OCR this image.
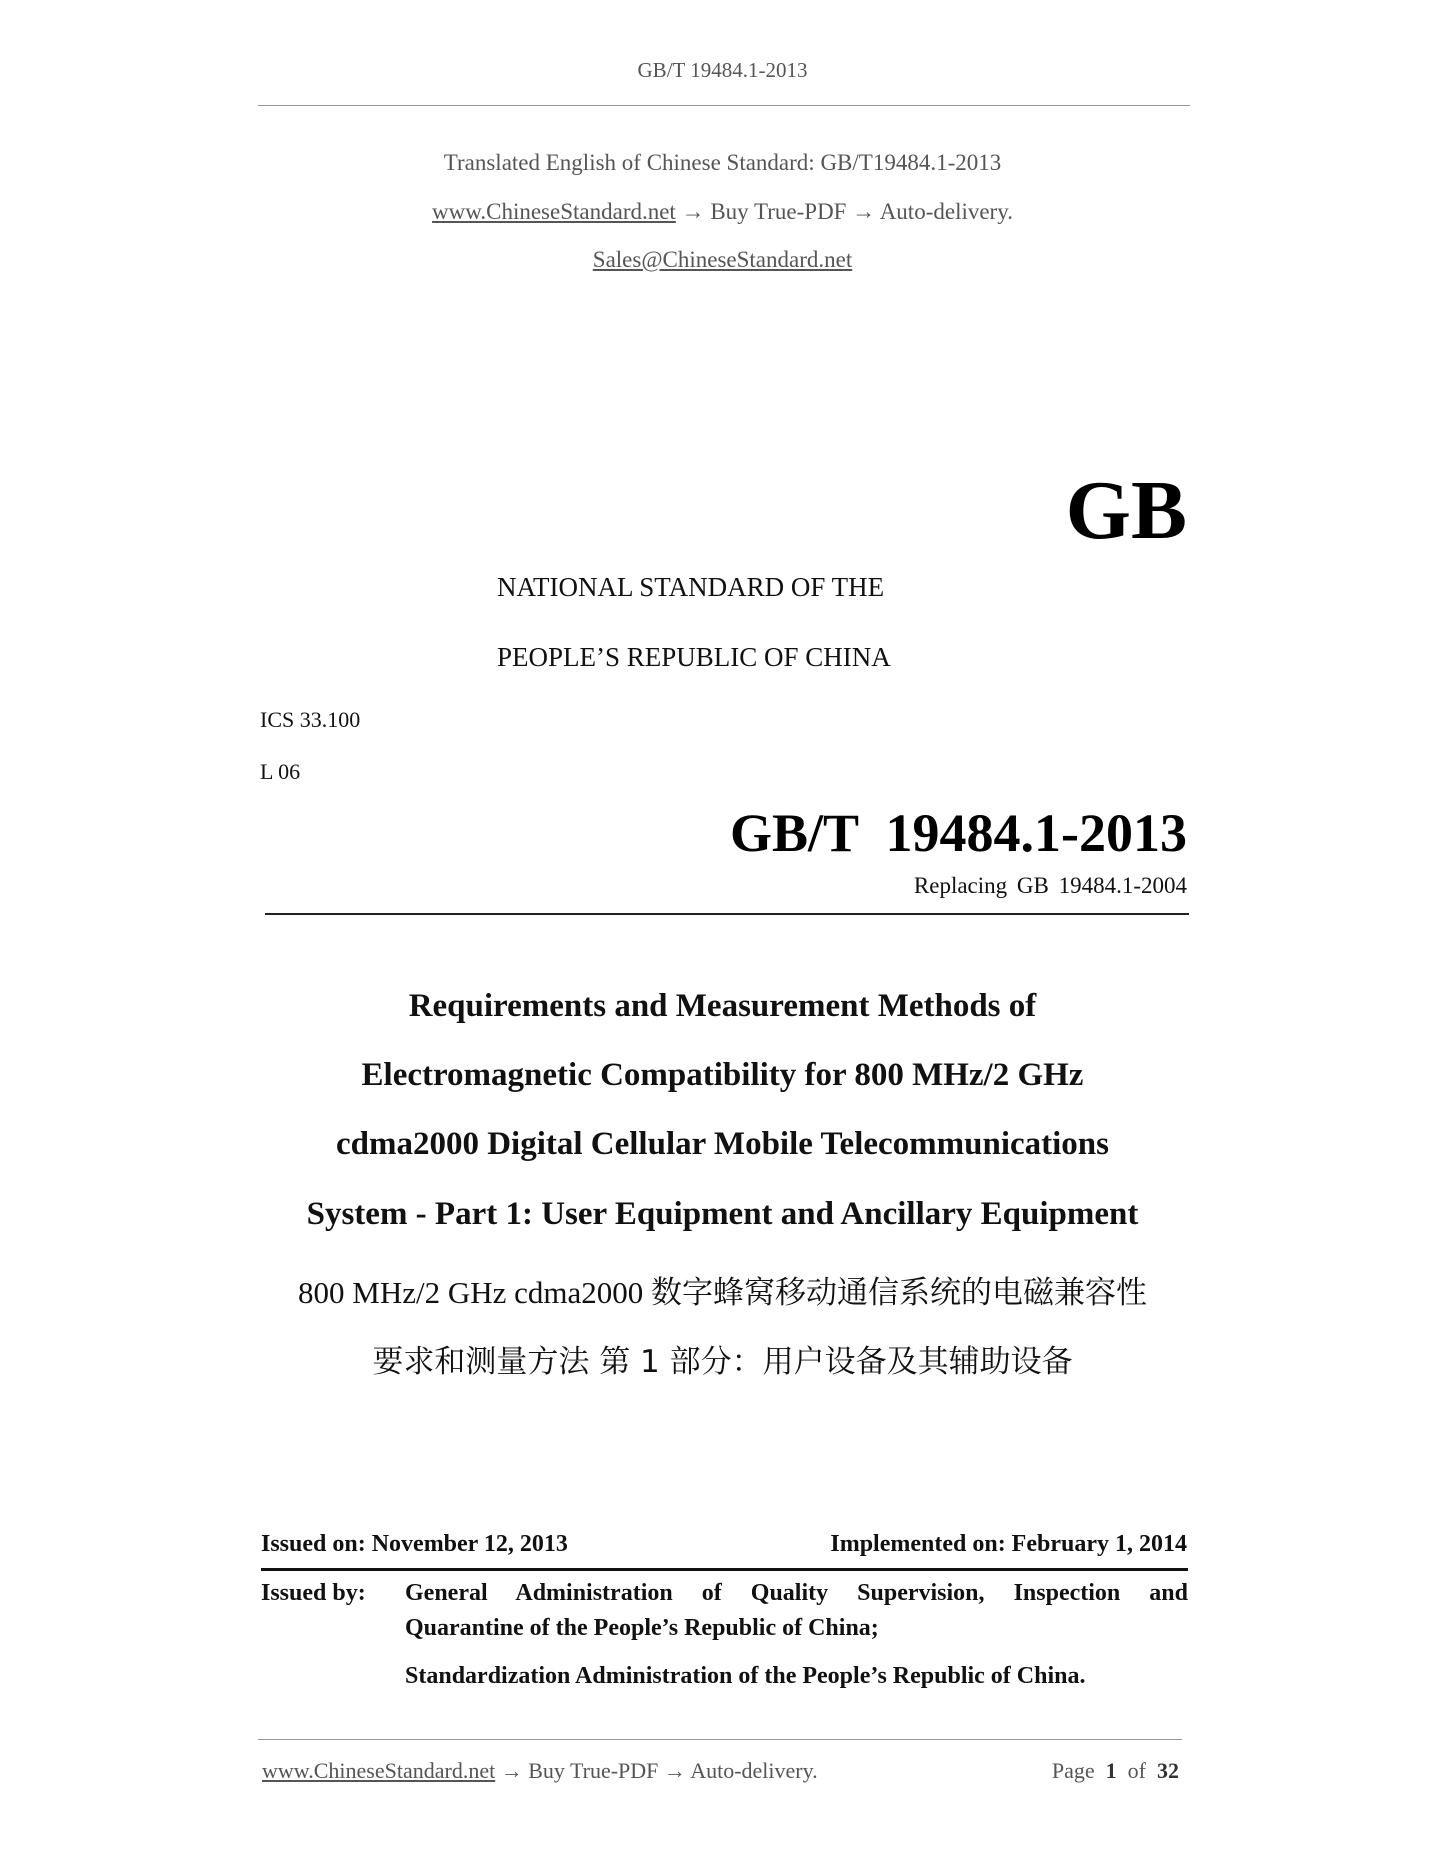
GB/T 19484.1-2013
Translated English of Chinese Standard: GB/T19484.1-2013
www.ChineseStandard.net → Buy True-PDF → Auto-delivery.
Sales@ChineseStandard.net
GB
NATIONAL STANDARD OF THE
PEOPLE’S REPUBLIC OF CHINA
ICS 33.100
L 06
GB/T 19484.1-2013
Replacing GB 19484.1-2004
Requirements and Measurement Methods of
Electromagnetic Compatibility for 800 MHz/2 GHz
cdma2000 Digital Cellular Mobile Telecommunications
System - Part 1: User Equipment and Ancillary Equipment
800 MHz/2 GHz cdma2000 数字蜂窝移动通信系统的电磁兼容性
要求和测量方法 第 1 部分：用户设备及其辅助设备
Issued on: November 12, 2013	Implemented on: February 1, 2014
Issued by: General Administration of Quality Supervision, Inspection and
Quarantine of the People’s Republic of China;
Standardization Administration of the People’s Republic of China.
www.ChineseStandard.net → Buy True-PDF → Auto-delivery.	Page 1 of 32
